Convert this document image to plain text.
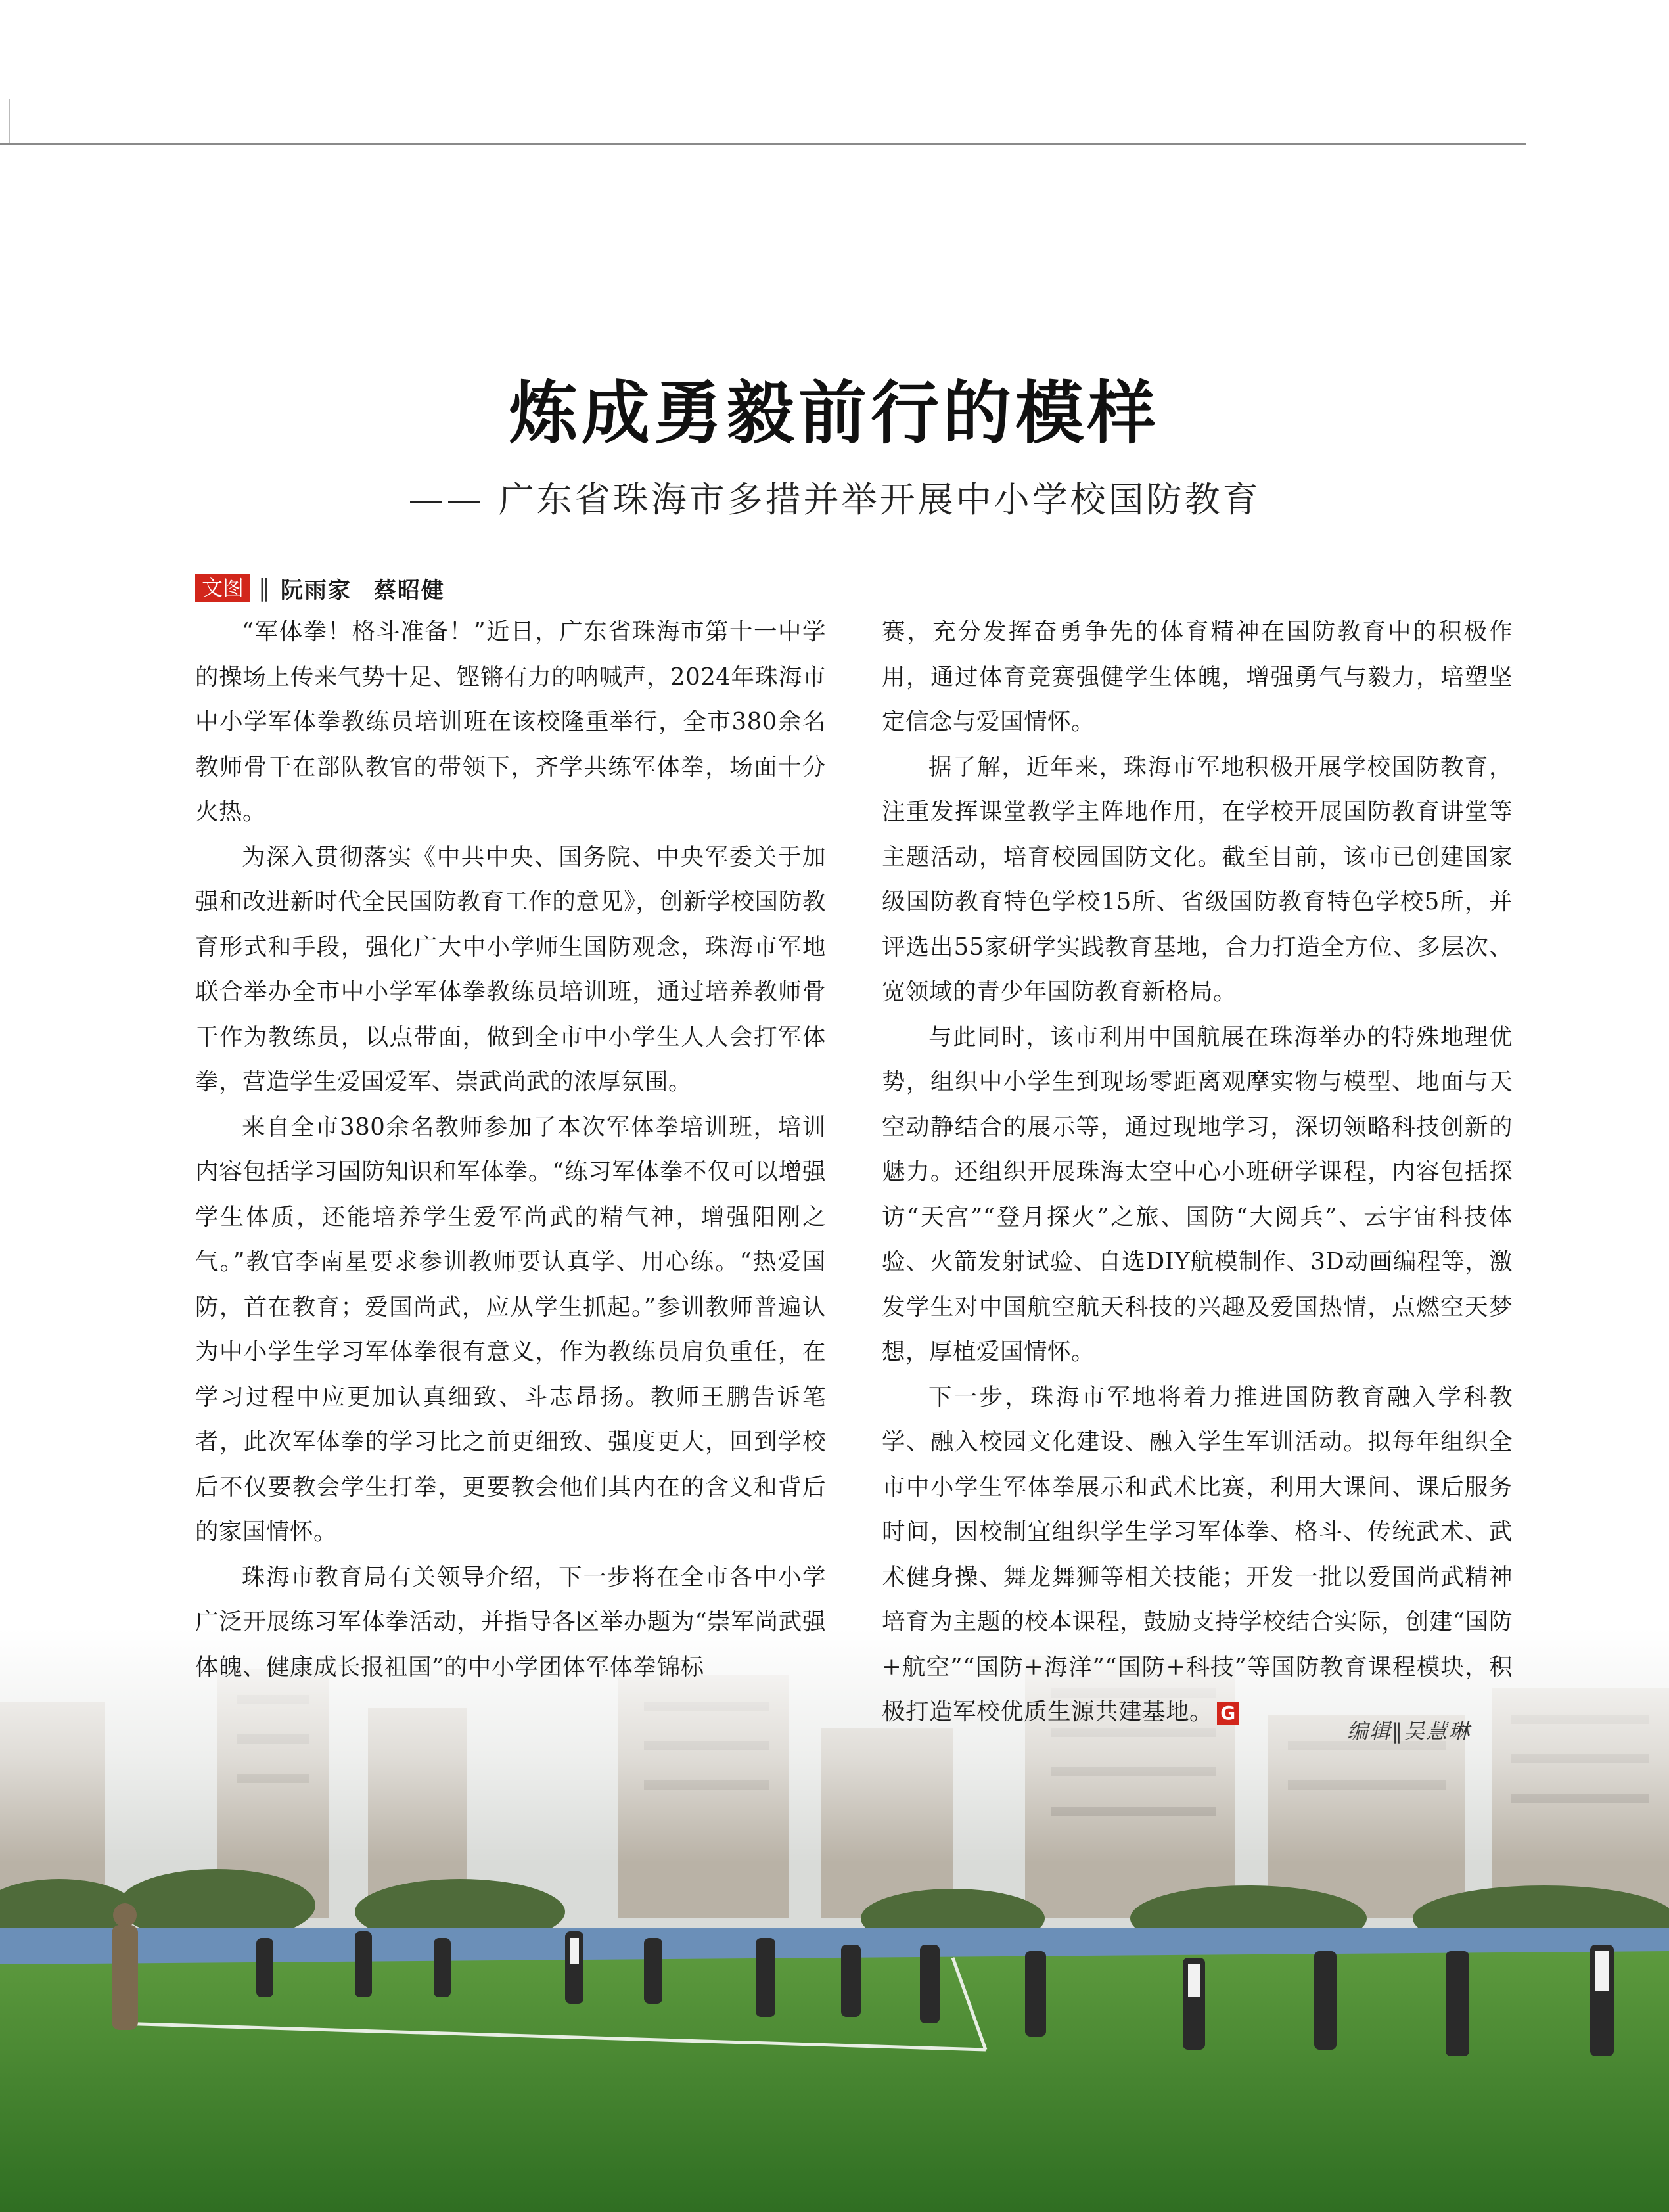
炼成勇毅前行的模样
—— 广东省珠海市多措并举开展中小学校国防教育
文图 ‖ 阮雨家 蔡昭健

“军体拳！格斗准备！”近日，广东省珠海市第十一中学的操场上传来气势十足、铿锵有力的呐喊声，2024年珠海市中小学军体拳教练员培训班在该校隆重举行，全市380余名教师骨干在部队教官的带领下，齐学共练军体拳，场面十分火热。

为深入贯彻落实《中共中央、国务院、中央军委关于加强和改进新时代全民国防教育工作的意见》，创新学校国防教育形式和手段，强化广大中小学师生国防观念，珠海市军地联合举办全市中小学军体拳教练员培训班，通过培养教师骨干作为教练员，以点带面，做到全市中小学生人人会打军体拳，营造学生爱国爱军、崇武尚武的浓厚氛围。

来自全市380余名教师参加了本次军体拳培训班，培训内容包括学习国防知识和军体拳。“练习军体拳不仅可以增强学生体质，还能培养学生爱军尚武的精气神，增强阳刚之气。”教官李南星要求参训教师要认真学、用心练。“热爱国防，首在教育；爱国尚武，应从学生抓起。”参训教师普遍认为中小学生学习军体拳很有意义，作为教练员肩负重任，在学习过程中应更加认真细致、斗志昂扬。教师王鹏告诉笔者，此次军体拳的学习比之前更细致、强度更大，回到学校后不仅要教会学生打拳，更要教会他们其内在的含义和背后的家国情怀。

珠海市教育局有关领导介绍，下一步将在全市各中小学广泛开展练习军体拳活动，并指导各区举办题为“崇军尚武强体魄、健康成长报祖国”的中小学团体军体拳锦标

赛，充分发挥奋勇争先的体育精神在国防教育中的积极作用，通过体育竞赛强健学生体魄，增强勇气与毅力，培塑坚定信念与爱国情怀。

据了解，近年来，珠海市军地积极开展学校国防教育，注重发挥课堂教学主阵地作用，在学校开展国防教育讲堂等主题活动，培育校园国防文化。截至目前，该市已创建国家级国防教育特色学校15所、省级国防教育特色学校5所，并评选出55家研学实践教育基地，合力打造全方位、多层次、宽领域的青少年国防教育新格局。

与此同时，该市利用中国航展在珠海举办的特殊地理优势，组织中小学生到现场零距离观摩实物与模型、地面与天空动静结合的展示等，通过现地学习，深切领略科技创新的魅力。还组织开展珠海太空中心小班研学课程，内容包括探访“天宫”“登月探火”之旅、国防“大阅兵”、云宇宙科技体验、火箭发射试验、自选DIY航模制作、3D动画编程等，激发学生对中国航空航天科技的兴趣及爱国热情，点燃空天梦想，厚植爱国情怀。

下一步，珠海市军地将着力推进国防教育融入学科教学、融入校园文化建设、融入学生军训活动。拟每年组织全市中小学生军体拳展示和武术比赛，利用大课间、课后服务时间，因校制宜组织学生学习军体拳、格斗、传统武术、武术健身操、舞龙舞狮等相关技能；开发一批以爱国尚武精神培育为主题的校本课程，鼓励支持学校结合实际，创建“国防+航空”“国防+海洋”“国防+科技”等国防教育课程模块，积极打造军校优质生源共建基地。 G

编辑‖吴慧琳
